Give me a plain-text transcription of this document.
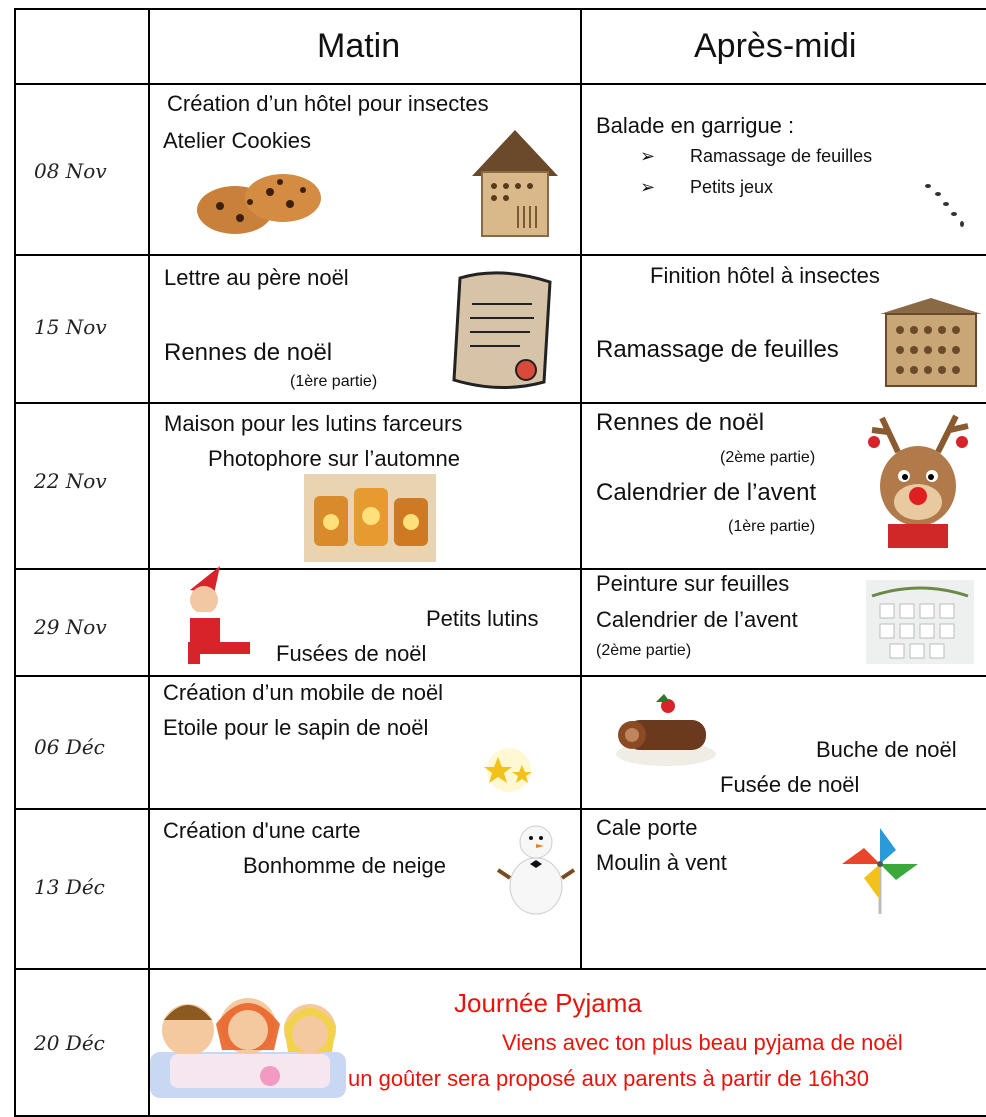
Matin	Après-midi
08 Nov
15 Nov
22 Nov
29 Nov
06 Déc
13 Déc
20 Déc
Création d’un hôtel pour insectes
Atelier Cookies
Balade en garrigue :
➢ Ramassage de feuilles
➢ Petits jeux
Lettre au père noël
Rennes de noël
(1ère partie)
Finition hôtel à insectes
Ramassage de feuilles
Maison pour les lutins farceurs
Photophore sur l’automne
Rennes de noël
(2ème partie)
Calendrier de l’avent
(1ère partie)
Petits lutins
Fusées de noël
Peinture sur feuilles
Calendrier de l’avent
(2ème partie)
Création d’un mobile de noël
Etoile pour le sapin de noël
Buche de noël
Fusée de noël
Création d'une carte
Bonhomme de neige
Cale porte
Moulin à vent
Journée Pyjama
Viens avec ton plus beau pyjama de noël
un goûter sera proposé aux parents à partir de 16h30
